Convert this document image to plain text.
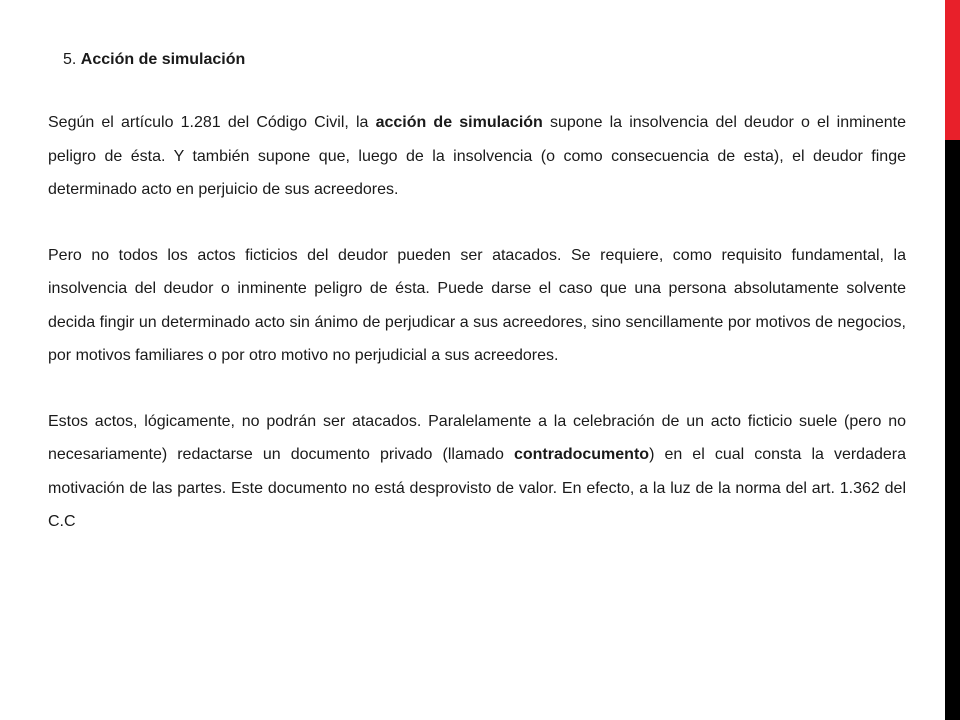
5. Acción de simulación

Según el artículo 1.281 del Código Civil, la acción de simulación supone la insolvencia del deudor o el inminente peligro de ésta. Y también supone que, luego de la insolvencia (o como consecuencia de esta), el deudor finge determinado acto en perjuicio de sus acreedores.

Pero no todos los actos ficticios del deudor pueden ser atacados. Se requiere, como requisito fundamental, la insolvencia del deudor o inminente peligro de ésta. Puede darse el caso que una persona absolutamente solvente decida fingir un determinado acto sin ánimo de perjudicar a sus acreedores, sino sencillamente por motivos de negocios, por motivos familiares o por otro motivo no perjudicial a sus acreedores.

Estos actos, lógicamente, no podrán ser atacados. Paralelamente a la celebración de un acto ficticio suele (pero no necesariamente) redactarse un documento privado (llamado contradocumento) en el cual consta la verdadera motivación de las partes. Este documento no está desprovisto de valor. En efecto, a la luz de la norma del art. 1.362 del C.C
